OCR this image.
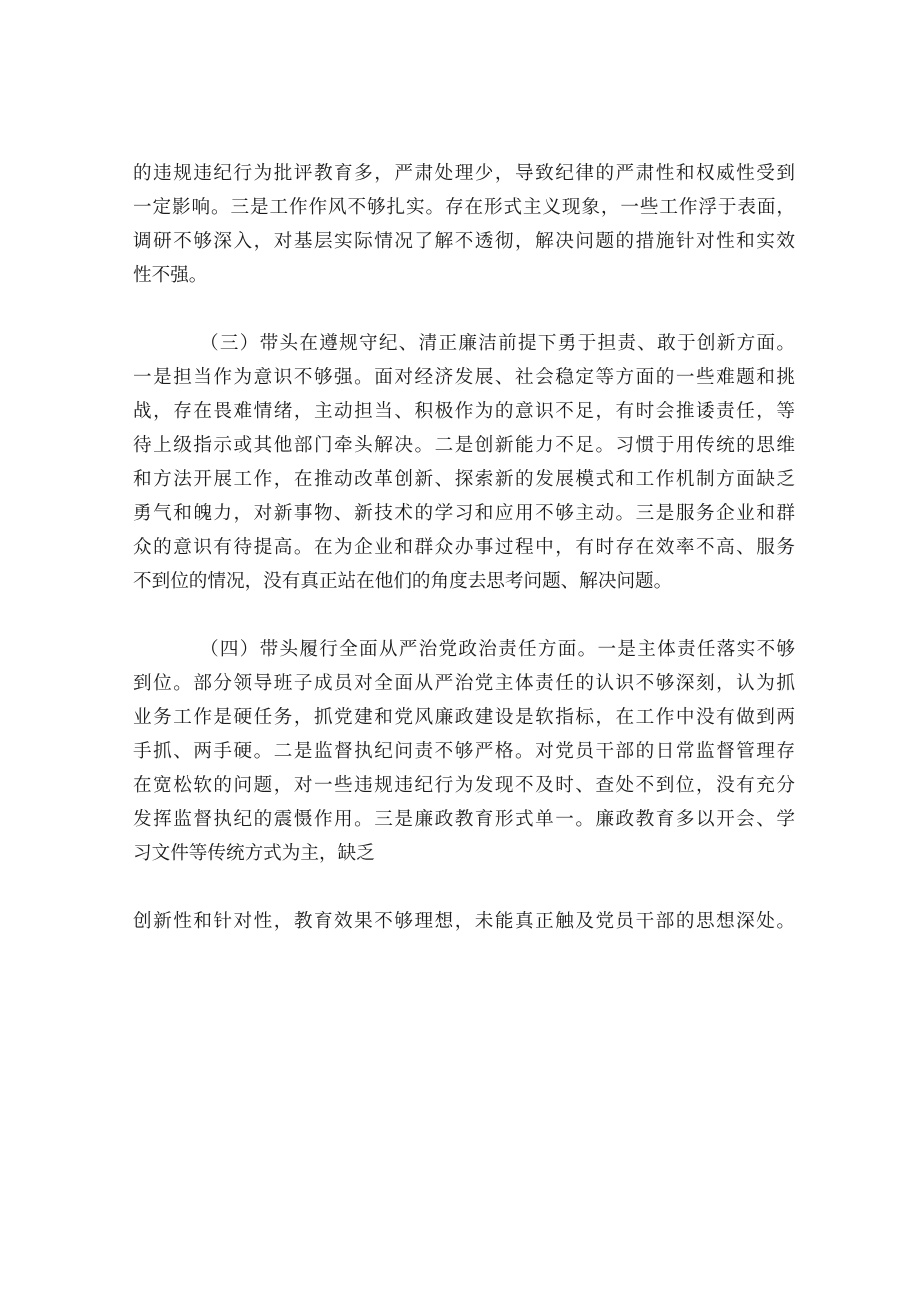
的违规违纪行为批评教育多，严肃处理少，导致纪律的严肃性和权威性受到
一定影响。三是工作作风不够扎实。存在形式主义现象，一些工作浮于表面，
调研不够深入，对基层实际情况了解不透彻，解决问题的措施针对性和实效
性不强。
（三）带头在遵规守纪、清正廉洁前提下勇于担责、敢于创新方面。
一是担当作为意识不够强。面对经济发展、社会稳定等方面的一些难题和挑
战，存在畏难情绪，主动担当、积极作为的意识不足，有时会推诿责任，等
待上级指示或其他部门牵头解决。二是创新能力不足。习惯于用传统的思维
和方法开展工作，在推动改革创新、探索新的发展模式和工作机制方面缺乏
勇气和魄力，对新事物、新技术的学习和应用不够主动。三是服务企业和群
众的意识有待提高。在为企业和群众办事过程中，有时存在效率不高、服务
不到位的情况，没有真正站在他们的角度去思考问题、解决问题。
（四）带头履行全面从严治党政治责任方面。一是主体责任落实不够
到位。部分领导班子成员对全面从严治党主体责任的认识不够深刻，认为抓
业务工作是硬任务，抓党建和党风廉政建设是软指标，在工作中没有做到两
手抓、两手硬。二是监督执纪问责不够严格。对党员干部的日常监督管理存
在宽松软的问题，对一些违规违纪行为发现不及时、查处不到位，没有充分
发挥监督执纪的震慑作用。三是廉政教育形式单一。廉政教育多以开会、学
习文件等传统方式为主，缺乏
创新性和针对性，教育效果不够理想，未能真正触及党员干部的思想深处。
